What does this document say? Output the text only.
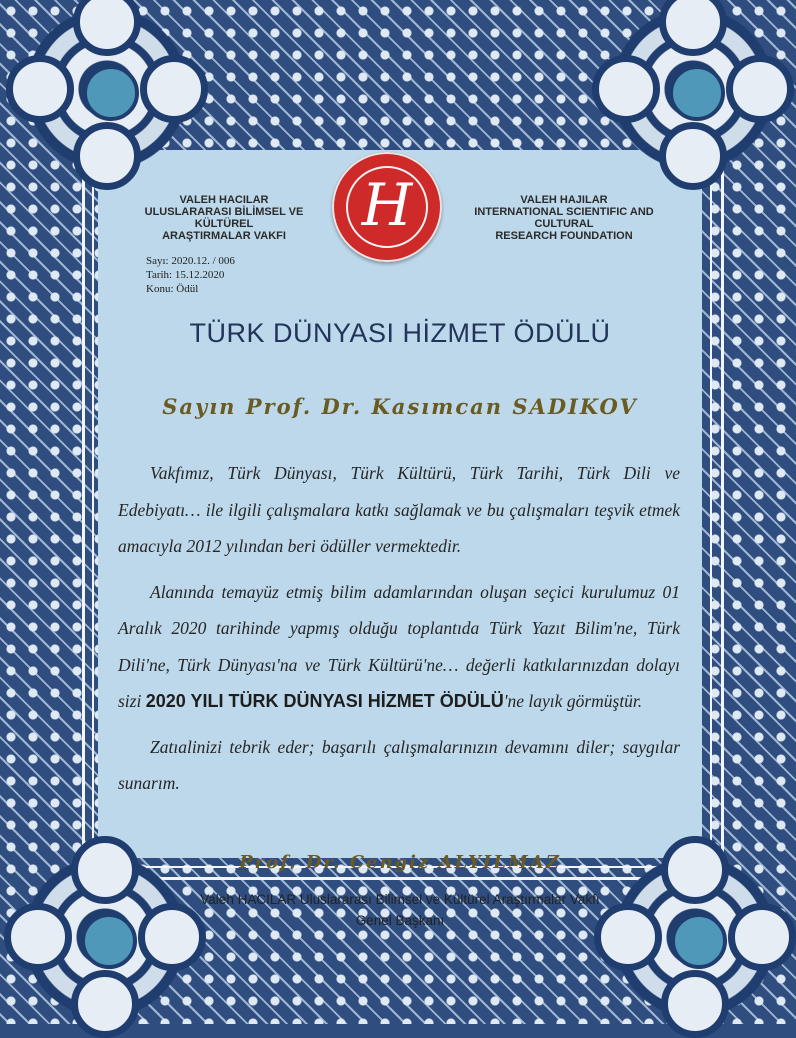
VALEH HACILAR
ULUSLARARASI BİLİMSEL VE KÜLTÜREL
ARAŞTIRMALAR VAKFI	H	VALEH HAJILAR
INTERNATIONAL SCIENTIFIC AND CULTURAL
RESEARCH FOUNDATION
Sayı: 2020.12. / 006
Tarih: 15.12.2020
Konu: Ödül
TÜRK DÜNYASI HİZMET ÖDÜLÜ
Sayın Prof. Dr. Kasımcan SADIKOV

Vakfımız, Türk Dünyası, Türk Kültürü, Türk Tarihi, Türk Dili ve Edebiyatı… ile ilgili çalışmalara katkı sağlamak ve bu çalışmaları teşvik etmek amacıyla 2012 yılından beri ödüller vermektedir.

Alanında temayüz etmiş bilim adamlarından oluşan seçici kurulumuz 01 Aralık 2020 tarihinde yapmış olduğu toplantıda Türk Yazıt Bilim'ne, Türk Dili'ne, Türk Dünyası'na ve Türk Kültürü'ne… değerli katkılarınızdan dolayı sizi 2020 YILI TÜRK DÜNYASI HİZMET ÖDÜLÜ'ne layık görmüştür.

Zatıalinizi tebrik eder; başarılı çalışmalarınızın devamını diler; saygılar sunarım.

Prof. Dr. Cengiz ALYILMAZ
Valeh HACILAR Uluslararası Bilimsel ve Kültürel Araştırmalar Vakfı
Genel Başkanı
